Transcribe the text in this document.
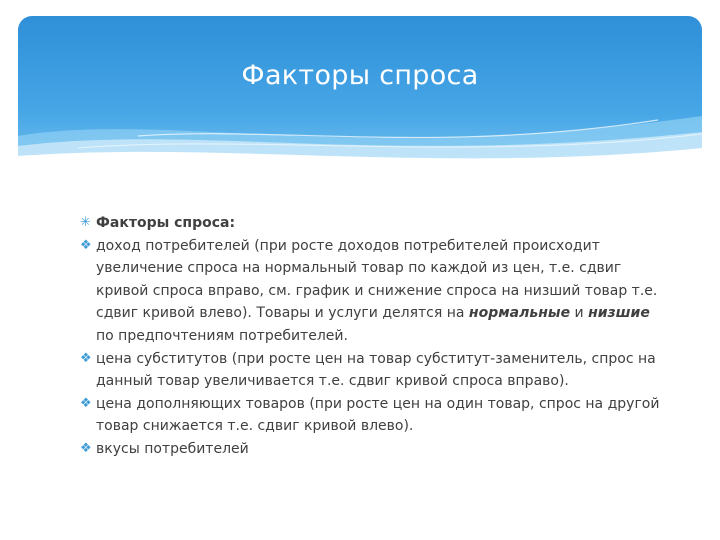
Факторы спроса
✳ Факторы спроса:
❖ доход потребителей (при росте доходов потребителей происходит увеличение спроса на нормальный товар по каждой из цен, т.е. сдвиг кривой спроса вправо, см. график и снижение спроса на низший товар т.е. сдвиг кривой влево). Товары и услуги делятся на нормальные и низшие по предпочтениям потребителей.
❖ цена субститутов (при росте цен на товар субститут-заменитель, спрос на данный товар увеличивается т.е. сдвиг кривой спроса вправо).
❖ цена дополняющих товаров (при росте цен на один товар, спрос на другой товар снижается т.е. сдвиг кривой влево).
❖ вкусы потребителей
